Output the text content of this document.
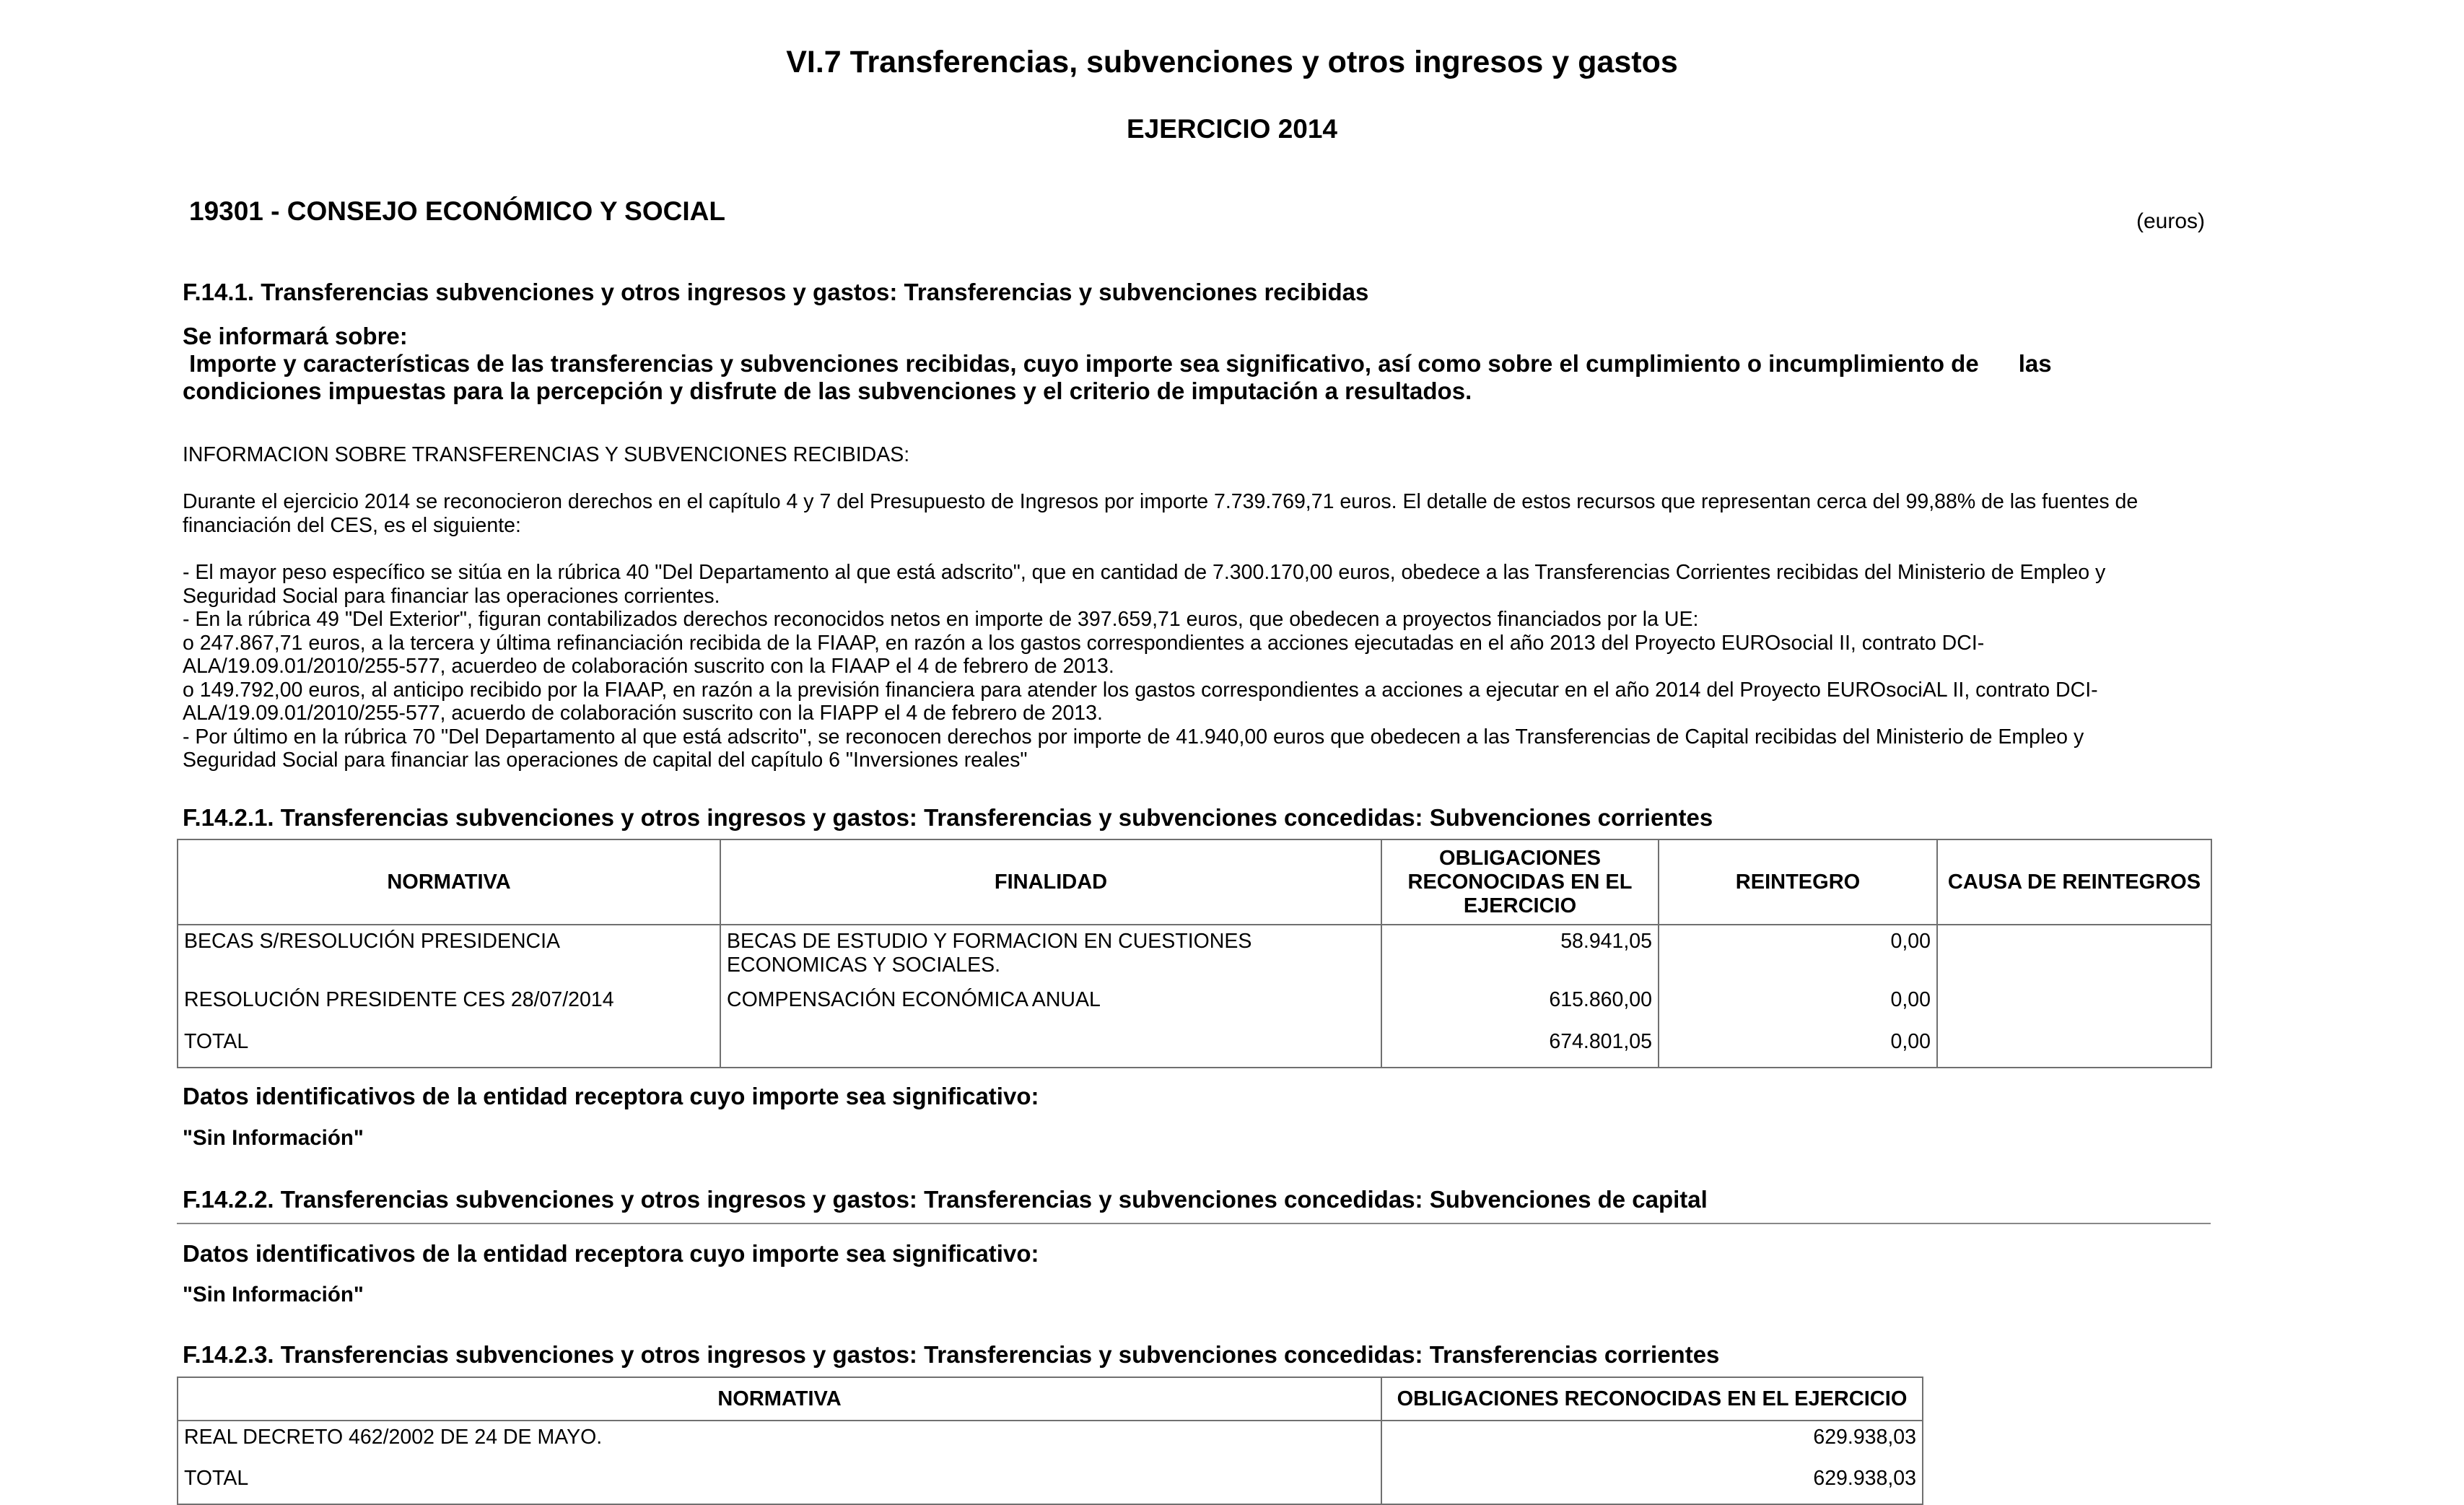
VI.7 Transferencias, subvenciones y otros ingresos y gastos
EJERCICIO 2014
19301 - CONSEJO ECONÓMICO Y SOCIAL	(euros)
F.14.1. Transferencias subvenciones y otros ingresos y gastos: Transferencias y subvenciones recibidas
Se informará sobre:
Importe y características de las transferencias y subvenciones recibidas, cuyo importe sea significativo, así como sobre el cumplimiento o incumplimiento de      las
condiciones impuestas para la percepción y disfrute de las subvenciones y el criterio de imputación a resultados.
INFORMACION SOBRE TRANSFERENCIAS Y SUBVENCIONES RECIBIDAS:
Durante el ejercicio 2014 se reconocieron derechos en el capítulo 4 y 7 del Presupuesto de Ingresos por importe 7.739.769,71 euros. El detalle de estos recursos que representan cerca del 99,88% de las fuentes de
financiación del CES, es el siguiente:
- El mayor peso específico se sitúa en la rúbrica 40 "Del Departamento al que está adscrito", que en cantidad de 7.300.170,00 euros, obedece a las Transferencias Corrientes recibidas del Ministerio de Empleo y
Seguridad Social para financiar las operaciones corrientes.
- En la rúbrica 49 "Del Exterior", figuran contabilizados derechos reconocidos netos en importe de 397.659,71 euros, que obedecen a proyectos financiados por la UE:
o 247.867,71 euros, a la tercera y última refinanciación recibida de la FIAAP, en razón a los gastos correspondientes a acciones ejecutadas en el año 2013 del Proyecto EUROsocial II, contrato DCI-
ALA/19.09.01/2010/255-577, acuerdeo de colaboración suscrito con la FIAAP el 4 de febrero de 2013.
o 149.792,00 euros, al anticipo recibido por la FIAAP, en razón a la previsión financiera para atender los gastos correspondientes a acciones a ejecutar en el año 2014 del Proyecto EUROsociAL II, contrato DCI-
ALA/19.09.01/2010/255-577, acuerdo de colaboración suscrito con la FIAPP el 4 de febrero de 2013.
- Por último en la rúbrica 70 "Del Departamento al que está adscrito", se reconocen derechos por importe de 41.940,00 euros que obedecen a las Transferencias de Capital recibidas del Ministerio de Empleo y
Seguridad Social para financiar las operaciones de capital del capítulo 6 "Inversiones reales"
F.14.2.1. Transferencias subvenciones y otros ingresos y gastos: Transferencias y subvenciones concedidas: Subvenciones corrientes
NORMATIVA	FINALIDAD	OBLIGACIONES
RECONOCIDAS EN EL
EJERCICIO	REINTEGRO	CAUSA DE REINTEGROS
BECAS S/RESOLUCIÓN PRESIDENCIA	BECAS DE ESTUDIO Y FORMACION EN CUESTIONES
ECONOMICAS Y SOCIALES.	58.941,05	0,00	
RESOLUCIÓN PRESIDENTE CES 28/07/2014	COMPENSACIÓN ECONÓMICA ANUAL	615.860,00	0,00	
TOTAL		674.801,05	0,00	
Datos identificativos de la entidad receptora cuyo importe sea significativo:
"Sin Información"
F.14.2.2. Transferencias subvenciones y otros ingresos y gastos: Transferencias y subvenciones concedidas: Subvenciones de capital
Datos identificativos de la entidad receptora cuyo importe sea significativo:
"Sin Información"
F.14.2.3. Transferencias subvenciones y otros ingresos y gastos: Transferencias y subvenciones concedidas: Transferencias corrientes
NORMATIVA	OBLIGACIONES RECONOCIDAS EN EL EJERCICIO
REAL DECRETO 462/2002 DE 24 DE MAYO.	629.938,03
TOTAL	629.938,03
